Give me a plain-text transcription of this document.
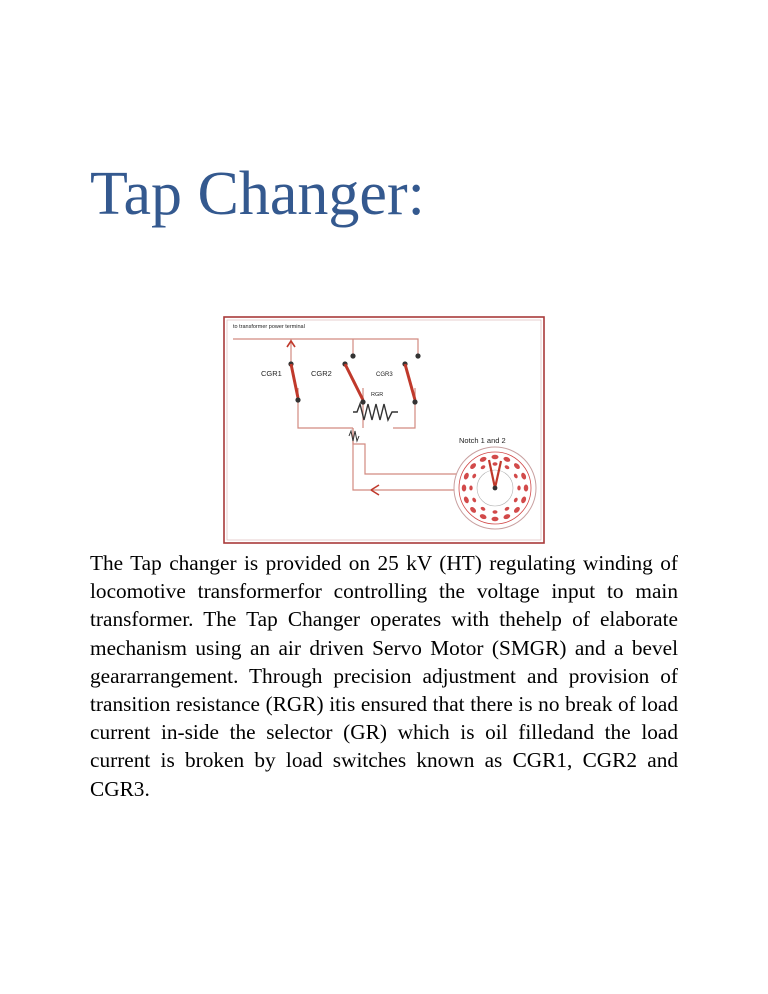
Tap Changer:
to transformer power terminal
CGR1	CGR2	CGR3
RGR
Notch 1 and 2

The Tap changer is provided on 25 kV (HT) regulating winding of locomotive transformerfor controlling the voltage input to main transformer. The Tap Changer operates with thehelp of elaborate mechanism using an air driven Servo Motor (SMGR) and a bevel geararrangement. Through precision adjustment and provision of transition resistance (RGR) itis ensured that there is no break of load current in-side the selector (GR) which is oil filledand the load current is broken by load switches known as CGR1, CGR2 and CGR3.
